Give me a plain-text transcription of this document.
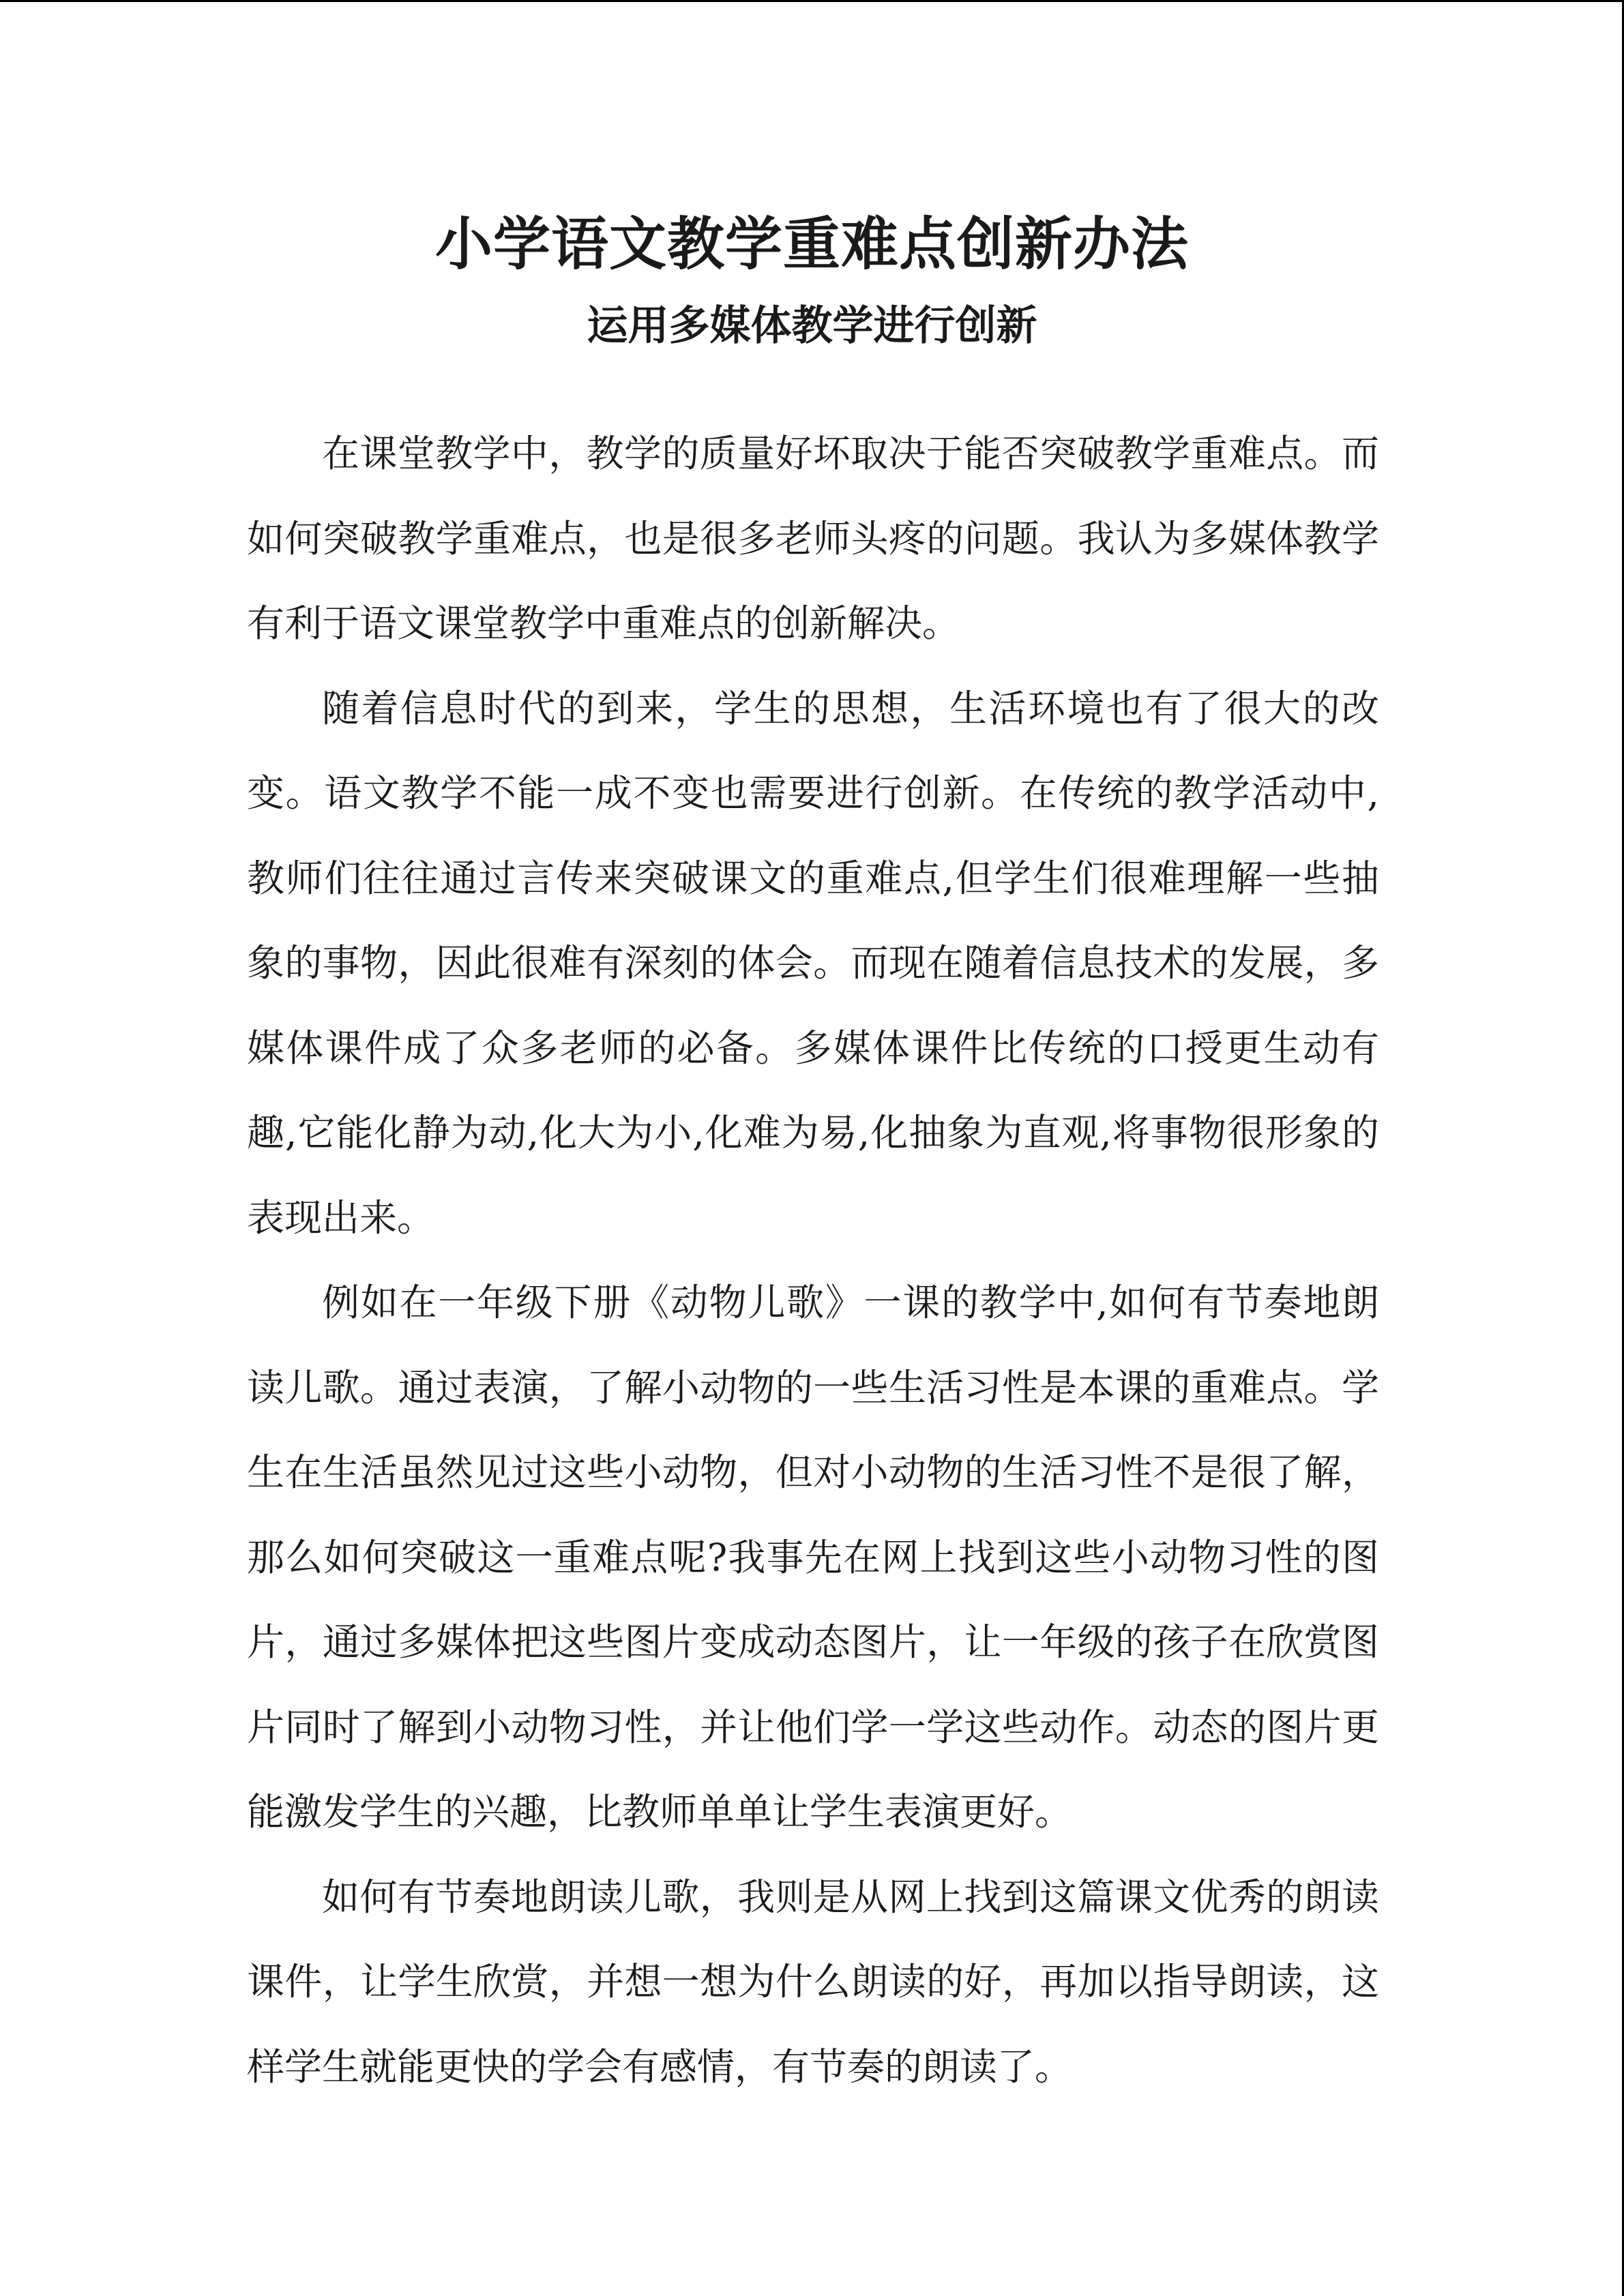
小学语文教学重难点创新办法
运用多媒体教学进行创新

在课堂教学中，教学的质量好坏取决于能否突破教学重难点。而如何突破教学重难点，也是很多老师头疼的问题。我认为多媒体教学有利于语文课堂教学中重难点的创新解决。

随着信息时代的到来，学生的思想，生活环境也有了很大的改变。语文教学不能一成不变也需要进行创新。在传统的教学活动中,教师们往往通过言传来突破课文的重难点,但学生们很难理解一些抽象的事物，因此很难有深刻的体会。而现在随着信息技术的发展，多媒体课件成了众多老师的必备。多媒体课件比传统的口授更生动有趣,它能化静为动,化大为小,化难为易,化抽象为直观,将事物很形象的表现出来。

例如在一年级下册《动物儿歌》一课的教学中,如何有节奏地朗读儿歌。通过表演，了解小动物的一些生活习性是本课的重难点。学生在生活虽然见过这些小动物，但对小动物的生活习性不是很了解，那么如何突破这一重难点呢?我事先在网上找到这些小动物习性的图片，通过多媒体把这些图片变成动态图片，让一年级的孩子在欣赏图片同时了解到小动物习性，并让他们学一学这些动作。动态的图片更能激发学生的兴趣，比教师单单让学生表演更好。

如何有节奏地朗读儿歌，我则是从网上找到这篇课文优秀的朗读课件，让学生欣赏，并想一想为什么朗读的好，再加以指导朗读，这样学生就能更快的学会有感情，有节奏的朗读了。
